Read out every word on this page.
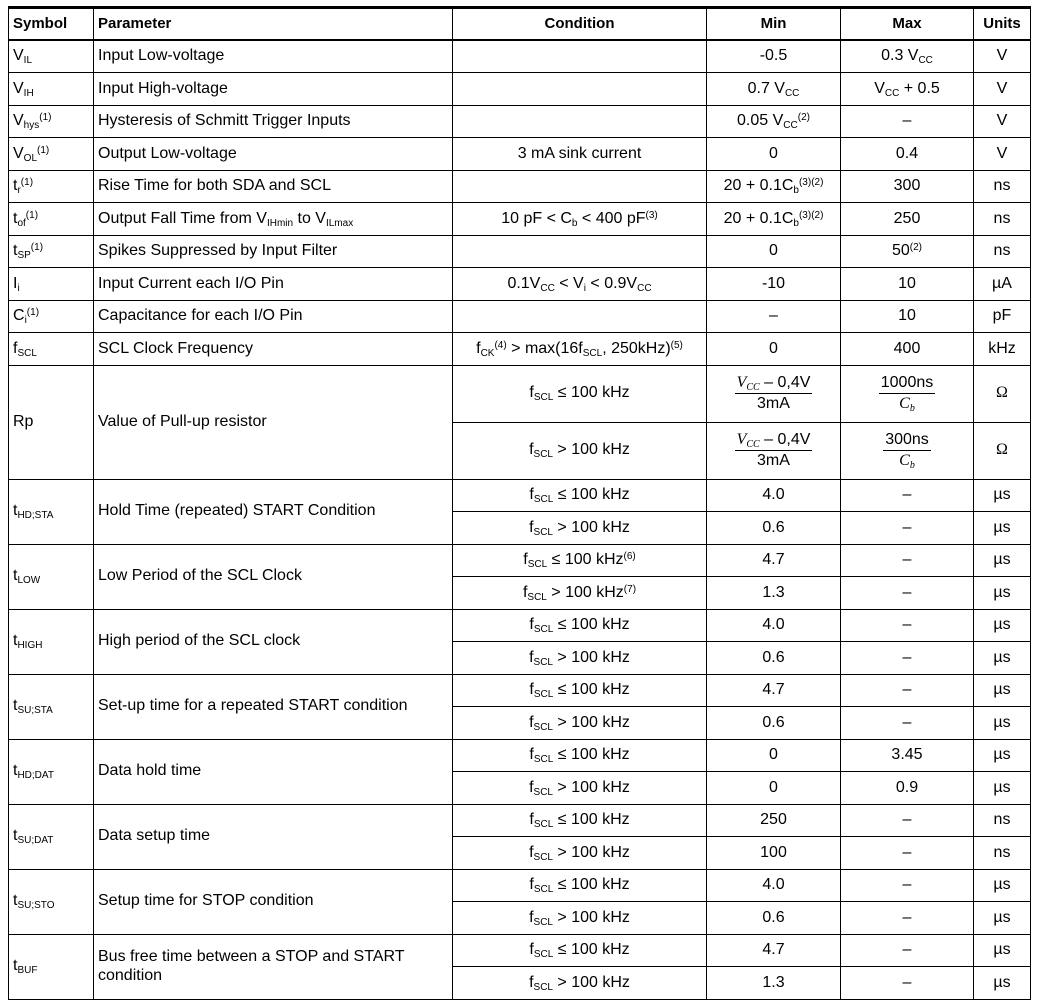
Symbol	Parameter	Condition	Min	Max	Units
$V_{IL}$	Input Low-voltage		-0.5	0.3 $V_{CC}$	V
$V_{IH}$	Input High-voltage		0.7 $V_{CC}$	$V_{CC} + 0.5$	V
$V_{hys}^{(1)}$	Hysteresis of Schmitt Trigger Inputs		0.05 $V_{CC}^{(2)}$	–	V
$V_{OL}^{(1)}$	Output Low-voltage	3 mA sink current	0	0.4	V
$t_r^{(1)}$	Rise Time for both SDA and SCL		$20 + 0.1C_b^{(3)(2)}$	300	ns
$t_{of}^{(1)}$	Output Fall Time from $V_{IHmin}$ to $V_{ILmax}$	10 pF < $C_b < 400$ $pF^{(3)}$	$20 + 0.1C_b^{(3)(2)}$	250	ns
$t_{SP}^{(1)}$	Spikes Suppressed by Input Filter		0	50$^{(2)}$	ns
$I_i$	Input Current each I/O Pin	$0.1V_{CC} < V_i < 0.9V_{CC}$	-10	10	µA
$C_i^{(1)}$	Capacitance for each I/O Pin		–	10	pF
$f_{SCL}$	SCL Clock Frequency	$f_{CK}^{(4)} > \max(16f_{SCL}$, 250kHz)$^{(5)}$	0	400	kHz
Rp	Value of Pull-up resistor	$f_{SCL} \le 100$ kHz	$\frac{V_{CC} - 0,4V}{3mA}$	$\frac{1000ns}{C_b}$	Ω
		$f_{SCL} > 100$ kHz	$\frac{V_{CC} - 0,4V}{3mA}$	$\frac{300ns}{C_b}$	Ω
$t_{HD;STA}$	Hold Time (repeated) START Condition	$f_{SCL} \le 100$ kHz	4.0	–	µs
		$f_{SCL} > 100$ kHz	0.6	–	µs
$t_{LOW}$	Low Period of the SCL Clock	$f_{SCL} \le 100$ kHz$^{(6)}$	4.7	–	µs
		$f_{SCL} > 100$ kHz$^{(7)}$	1.3	–	µs
$t_{HIGH}$	High period of the SCL clock	$f_{SCL} \le 100$ kHz	4.0	–	µs
		$f_{SCL} > 100$ kHz	0.6	–	µs
$t_{SU;STA}$	Set-up time for a repeated START condition	$f_{SCL} \le 100$ kHz	4.7	–	µs
		$f_{SCL} > 100$ kHz	0.6	–	µs
$t_{HD;DAT}$	Data hold time	$f_{SCL} \le 100$ kHz	0	3.45	µs
		$f_{SCL} > 100$ kHz	0	0.9	µs
$t_{SU;DAT}$	Data setup time	$f_{SCL} \le 100$ kHz	250	–	ns
		$f_{SCL} > 100$ kHz	100	–	ns
$t_{SU;STO}$	Setup time for STOP condition	$f_{SCL} \le 100$ kHz	4.0	–	µs
		$f_{SCL} > 100$ kHz	0.6	–	µs
$t_{BUF}$	Bus free time between a STOP and START condition	$f_{SCL} \le 100$ kHz	4.7	–	µs
		$f_{SCL} > 100$ kHz	1.3	–	µs
